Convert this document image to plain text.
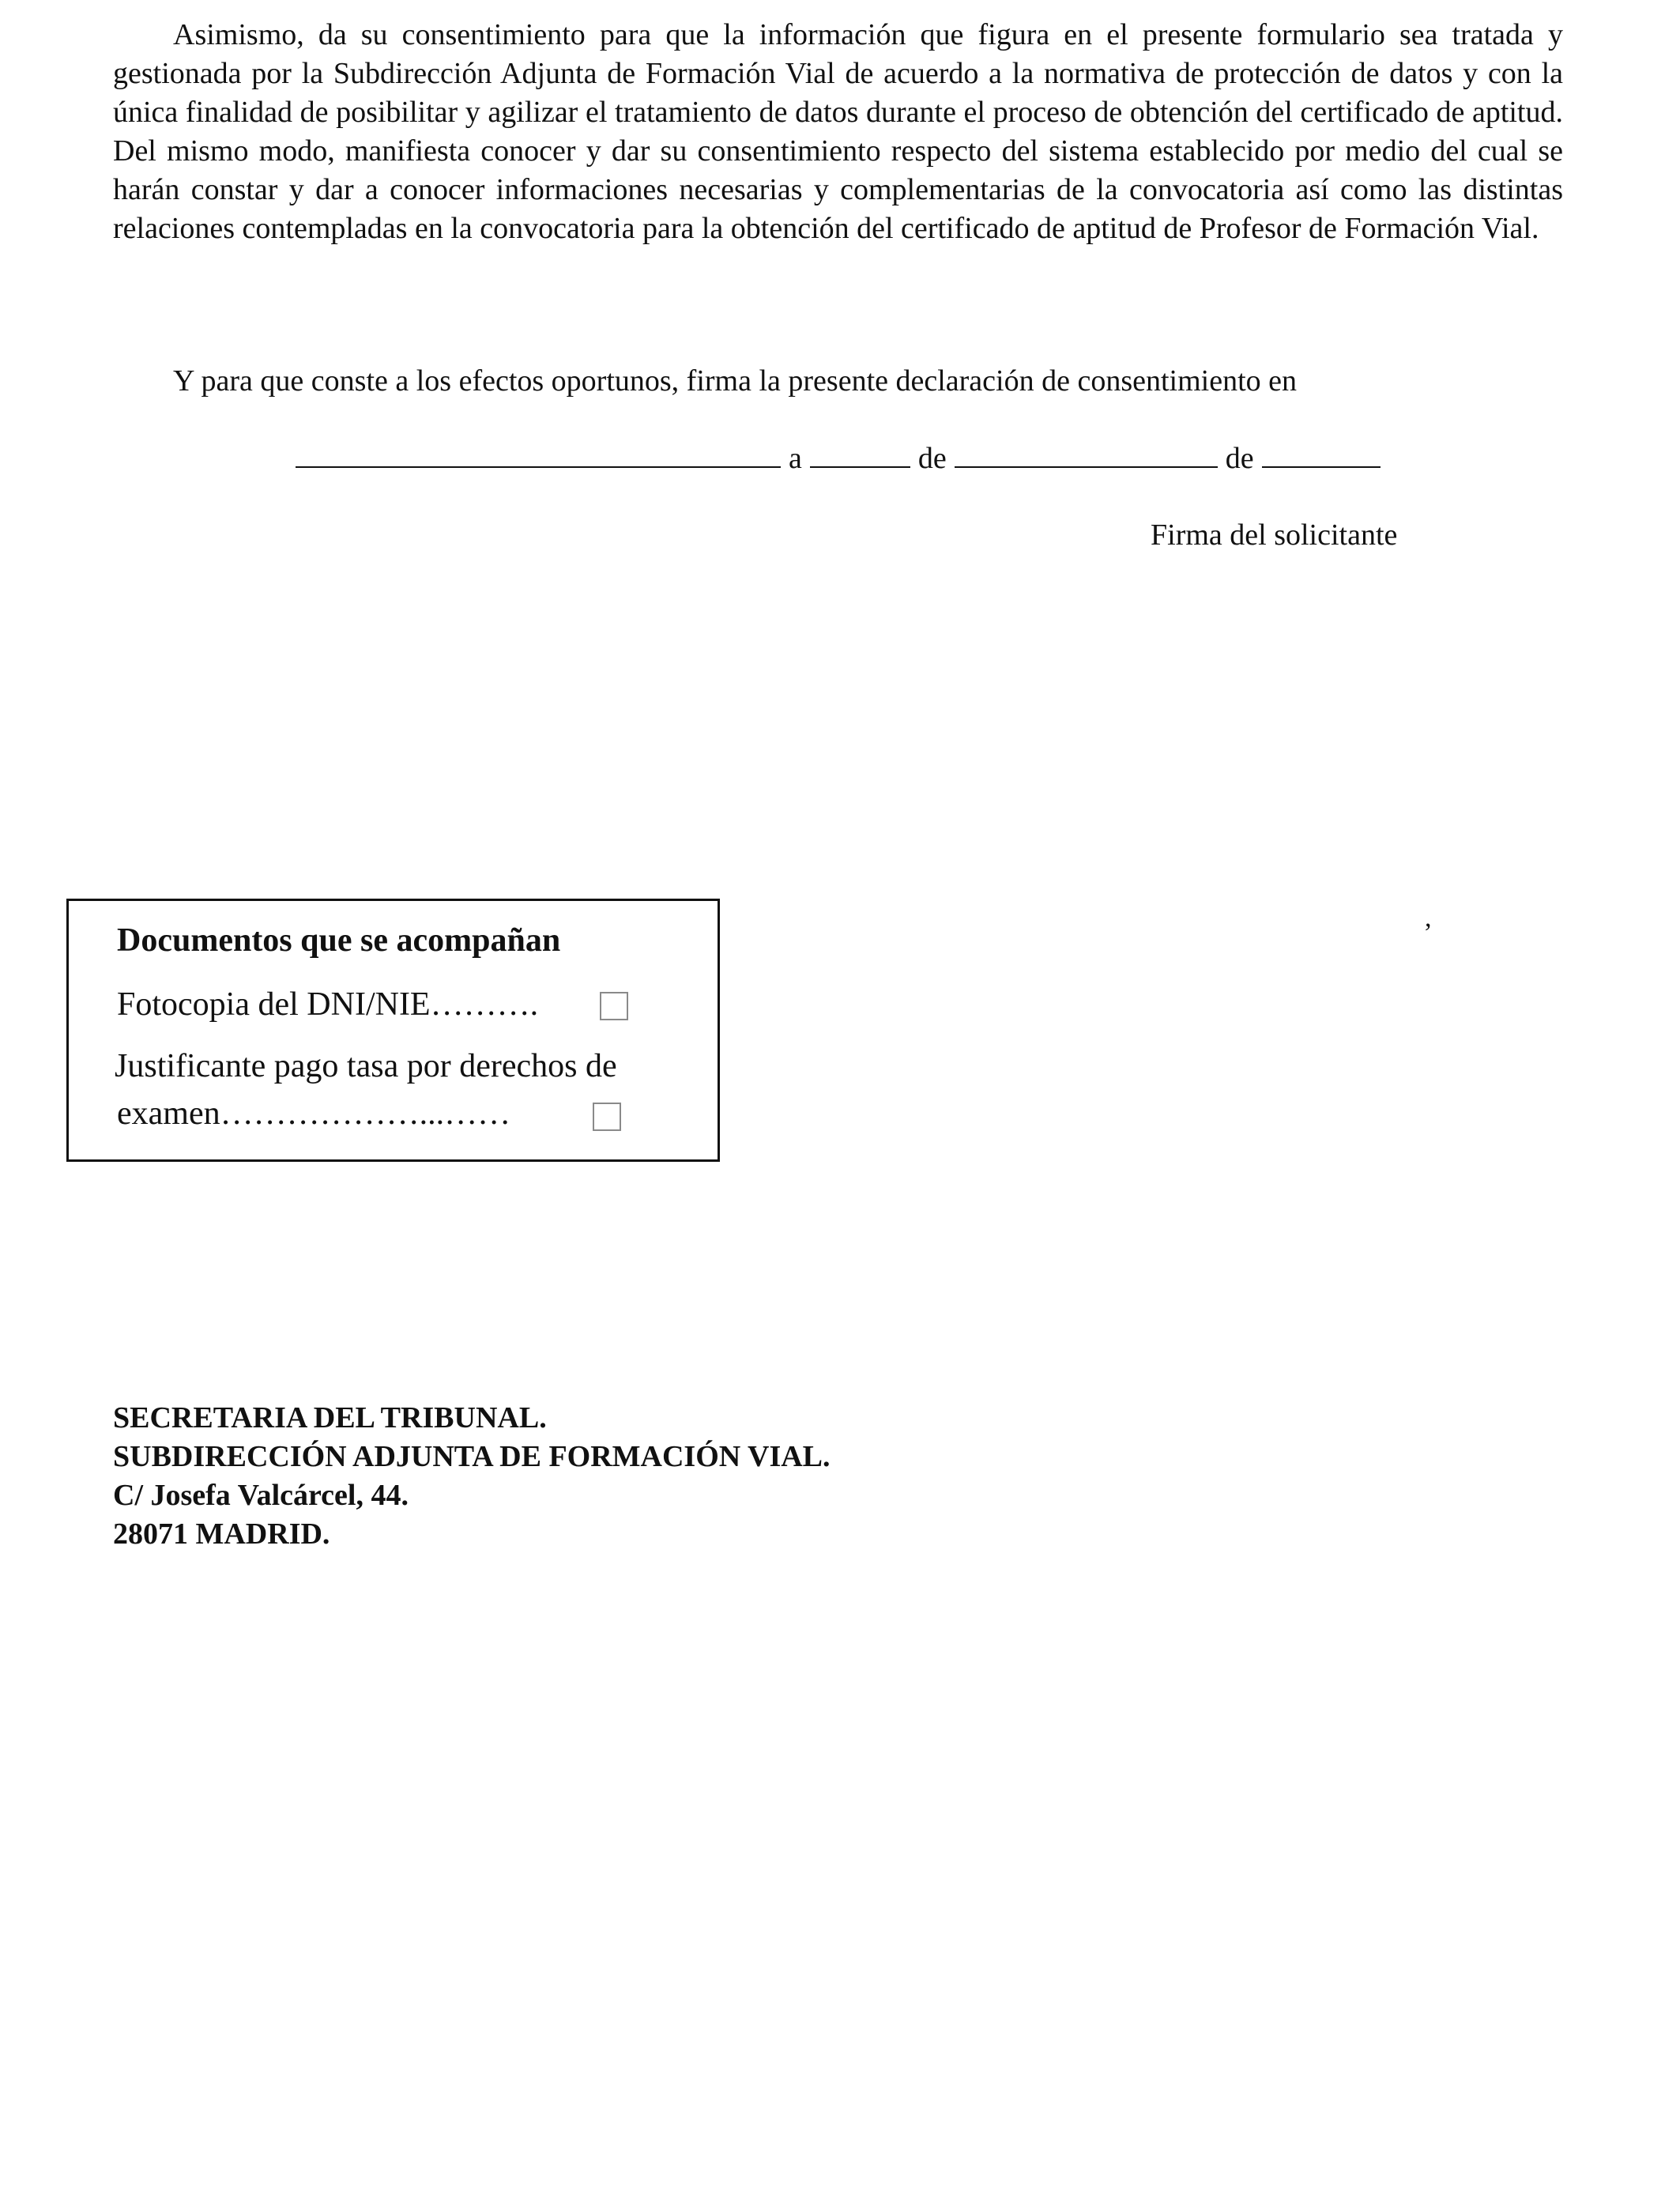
Asimismo, da su consentimiento para que la información que figura en el presente formulario sea tratada y gestionada por la Subdirección Adjunta de Formación Vial de acuerdo a la normativa de protección de datos y con la única finalidad de posibilitar y agilizar el tratamiento de datos durante el proceso de obtención del certificado de aptitud. Del mismo modo, manifiesta conocer y dar su consentimiento respecto del sistema establecido por medio del cual se harán constar y dar a conocer informaciones necesarias y complementarias de la convocatoria así como las distintas relaciones contempladas en la convocatoria para la obtención del certificado de aptitud de Profesor de Formación Vial.

Y para que conste a los efectos oportunos, firma la presente declaración de consentimiento en

a	de	de
Firma del solicitante
,
Documentos que se acompañan
Fotocopia del DNI/NIE……….
Justificante pago tasa por derechos de
examen………………...……
SECRETARIA DEL TRIBUNAL.
SUBDIRECCIÓN ADJUNTA DE FORMACIÓN VIAL.
C/ Josefa Valcárcel, 44.
28071 MADRID.
